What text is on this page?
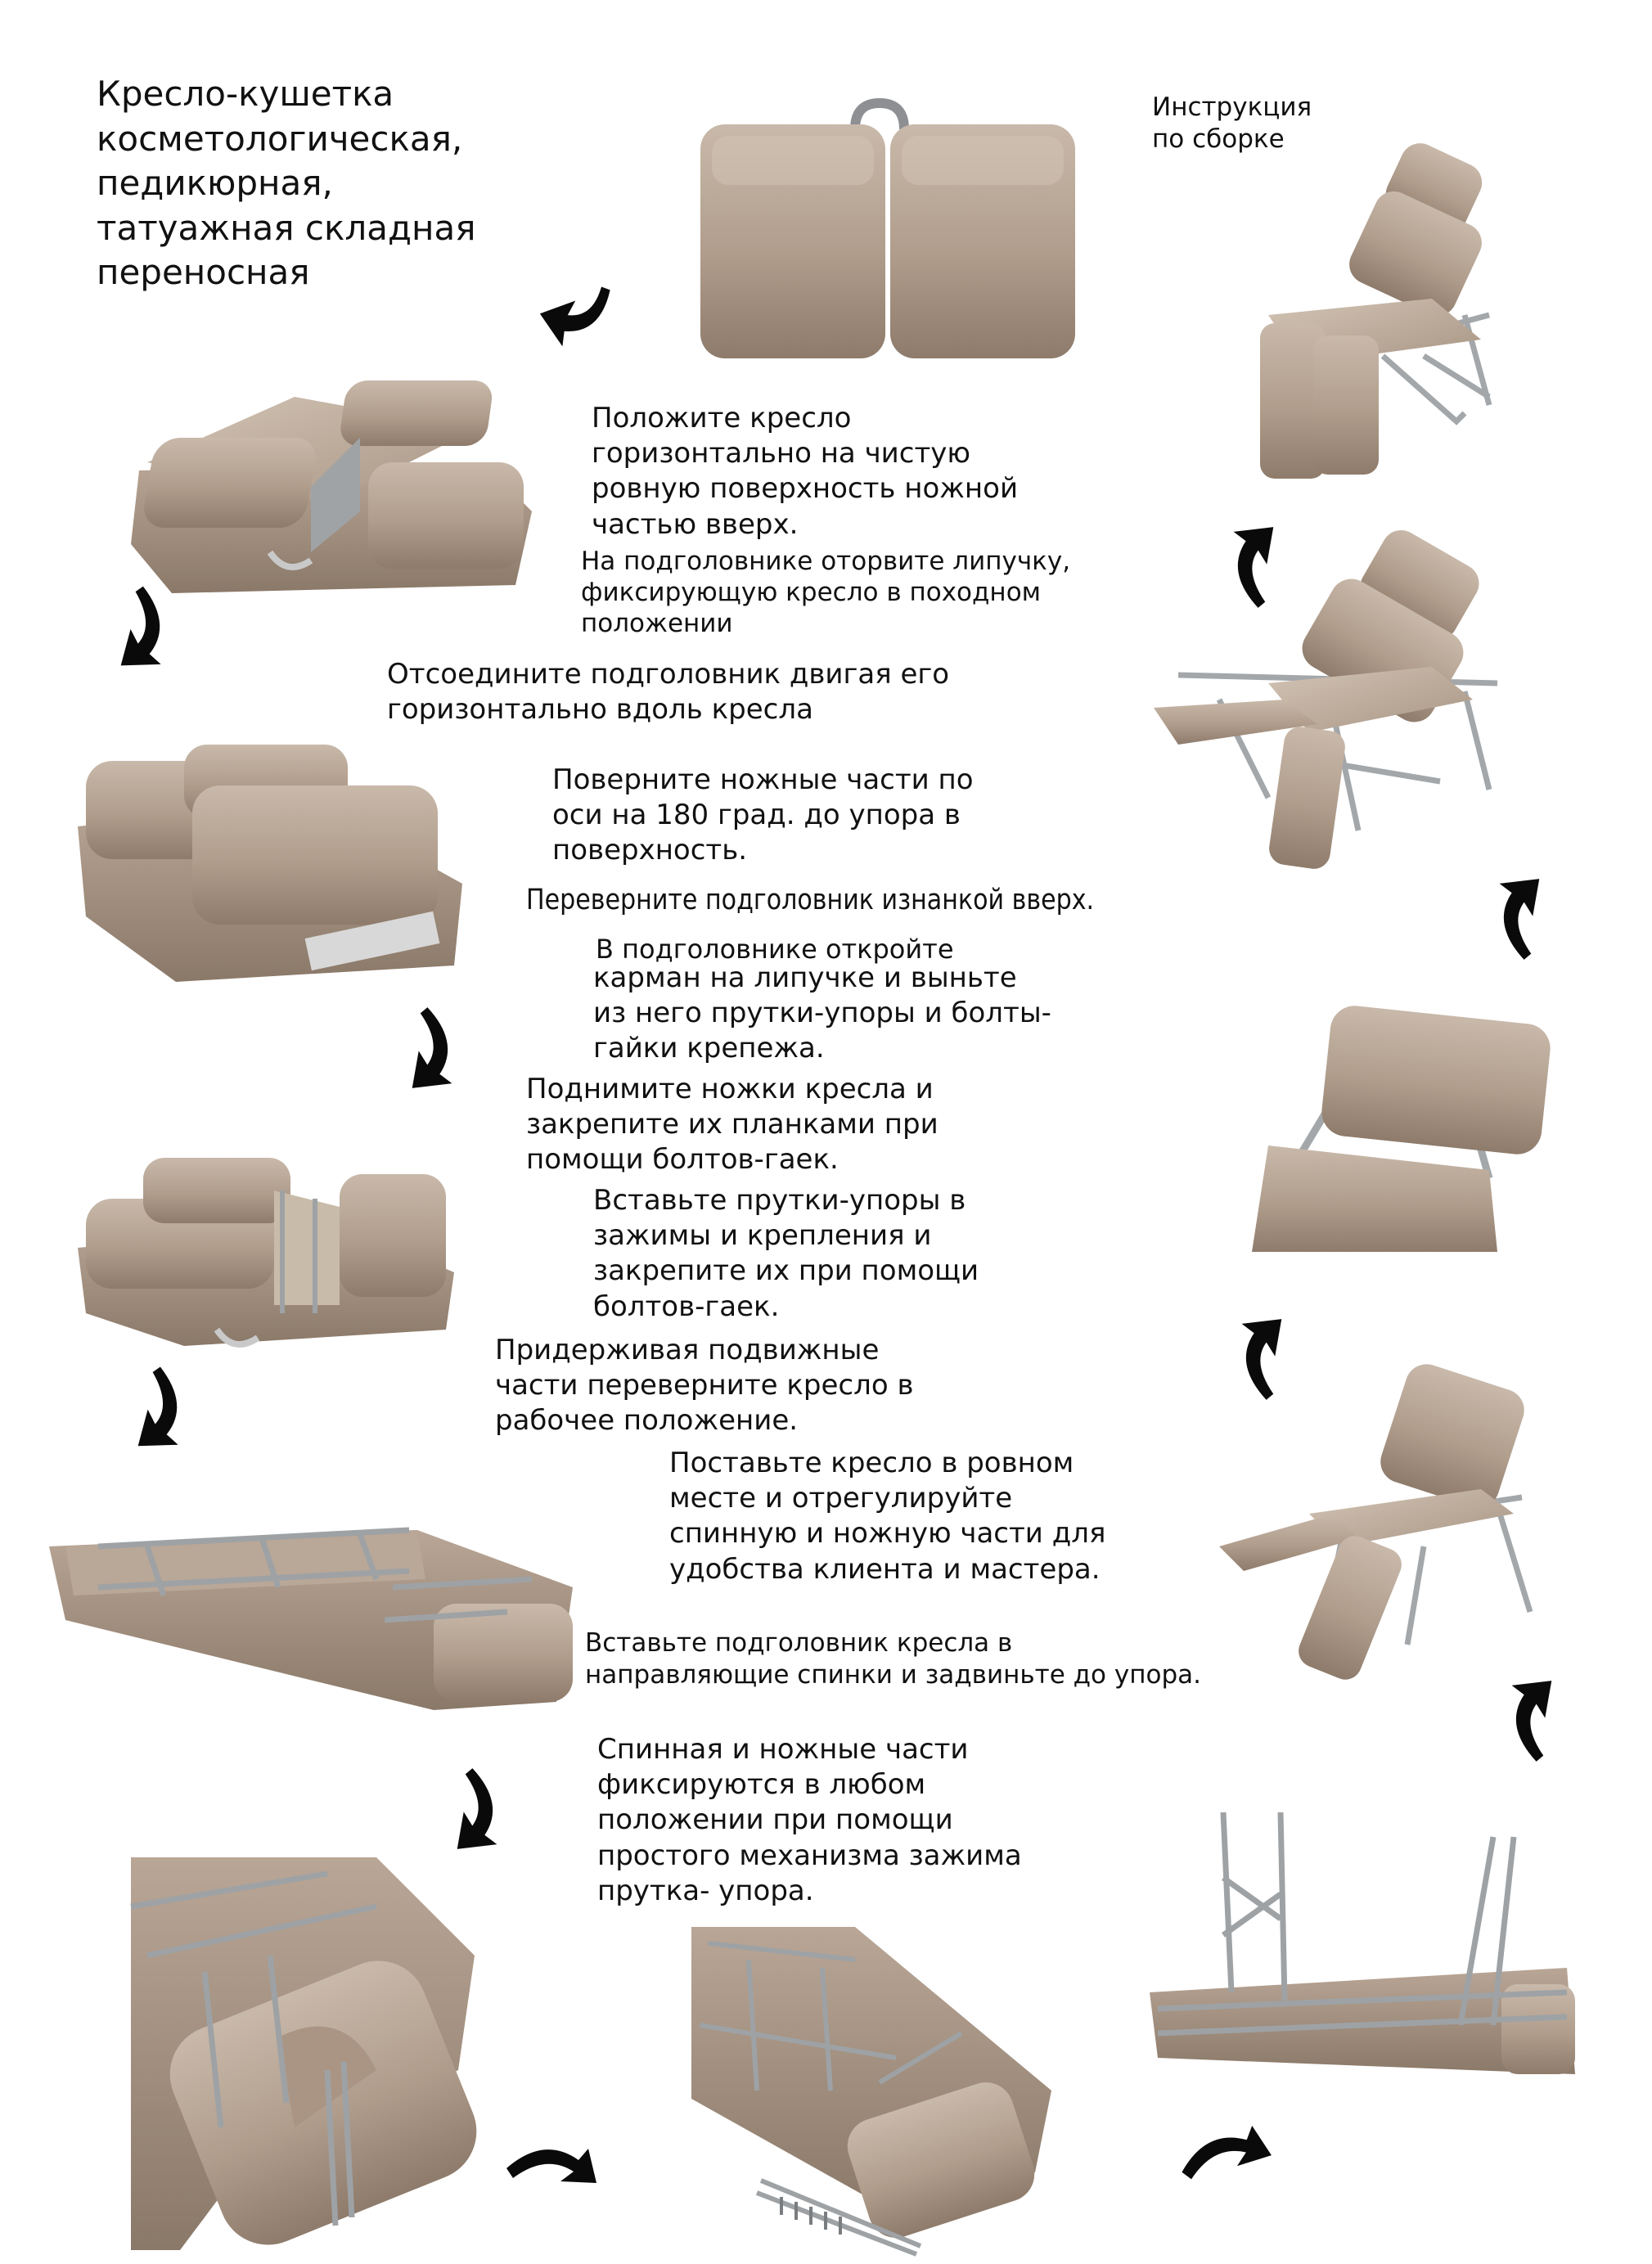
Кресло-кушетка
косметологическая,
педикюрная,
татуажная складная
переносная
Инструкция
по сборке
Положите кресло
горизонтально на чистую
ровную поверхность ножной
частью вверх.
На подголовнике оторвите липучку,
фиксирующую кресло в походном
положении
Отсоедините подголовник двигая его
горизонтально вдоль кресла
Поверните ножные части по
оси на 180 град. до упора в
поверхность.
Переверните подголовник изнанкой вверх.
В подголовнике откройте
карман на липучке и выньте
из него прутки-упоры и болты-
гайки крепежа.
Поднимите ножки кресла и
закрепите их планками при
помощи болтов-гаек.
Вставьте прутки-упоры в
зажимы и крепления и
закрепите их при помощи
болтов-гаек.
Придерживая подвижные
части переверните кресло в
рабочее положение.
Поставьте кресло в ровном
месте и отрегулируйте
спинную и ножную части для
удобства клиента и мастера.
Вставьте подголовник кресла в
направляющие спинки и задвиньте до упора.
Спинная и ножные части
фиксируются в любом
положении при помощи
простого механизма зажима
прутка- упора.
